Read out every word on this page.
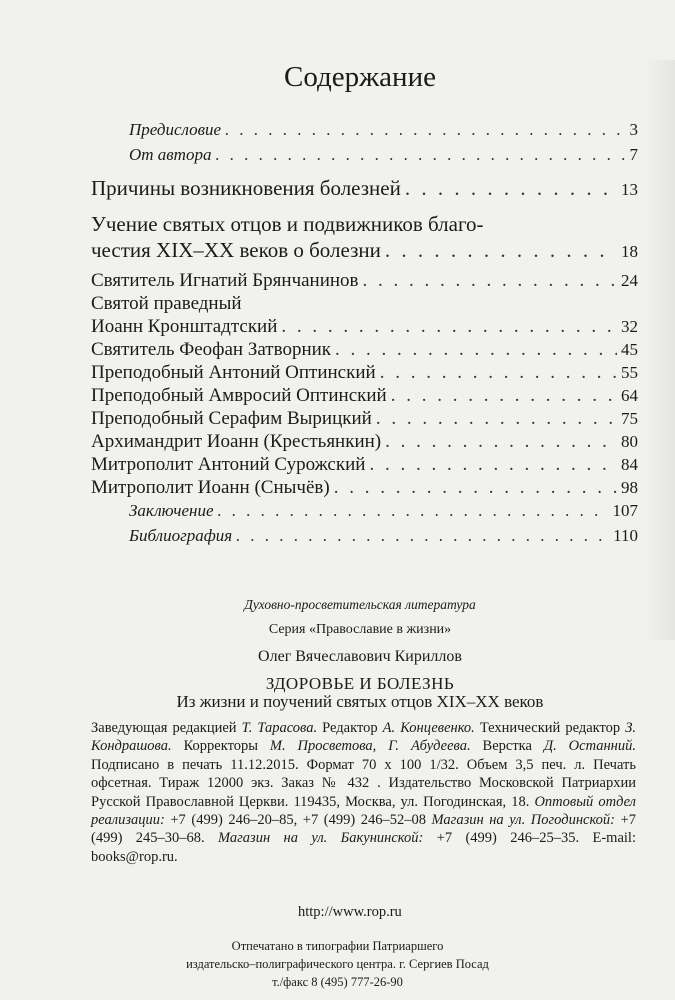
Содержание
Предисловие . . .	3
От автора . . .	7
Причины возникновения болезней . . .	13
Учение святых отцов и подвижников благо-
честия XIX–XX веков о болезни . . .	18
Святитель Игнатий Брянчанинов . . .	24
Святой праведный
Иоанн Кронштадтский . . .	32
Святитель Феофан Затворник . . .	45
Преподобный Антоний Оптинский . . .	55
Преподобный Амвросий Оптинский . . .	64
Преподобный Серафим Вырицкий . . .	75
Архимандрит Иоанн (Крестьянкин) . . .	80
Митрополит Антоний Сурожский . . .	84
Митрополит Иоанн (Снычёв) . . .	98
Заключение . . .	107
Библиография . . .	110
Духовно-просветительская литература
Серия «Православие в жизни»
Олег Вячеславович Кириллов
ЗДОРОВЬЕ И БОЛЕЗНЬ
Из жизни и поучений святых отцов XIX–XX веков
Заведующая редакцией Т. Тарасова. Редактор А. Концевенко. Технический редактор З. Кондрашова. Корректоры М. Просветова, Г. Абудеева. Верстка Д. Останний. Подписано в печать 11.12.2015. Формат 70 x 100 1/32. Объем 3,5 печ. л. Печать офсетная. Тираж 12000 экз. Заказ № 432 . Издательство Московской Патриархии Русской Православной Церкви. 119435, Москва, ул. Погодинская, 18. Оптовый отдел реализации: +7 (499) 246–20–85, +7 (499) 246–52–08 Магазин на ул. Погодинской: +7 (499) 245–30–68. Магазин на ул. Бакунинской: +7 (499) 246–25–35. E-mail: books@rop.ru.
http://www.rop.ru
Отпечатано в типографии Патриаршего
издательско–полиграфического центра. г. Сергиев Посад
т./факс 8 (495) 777-26-90
